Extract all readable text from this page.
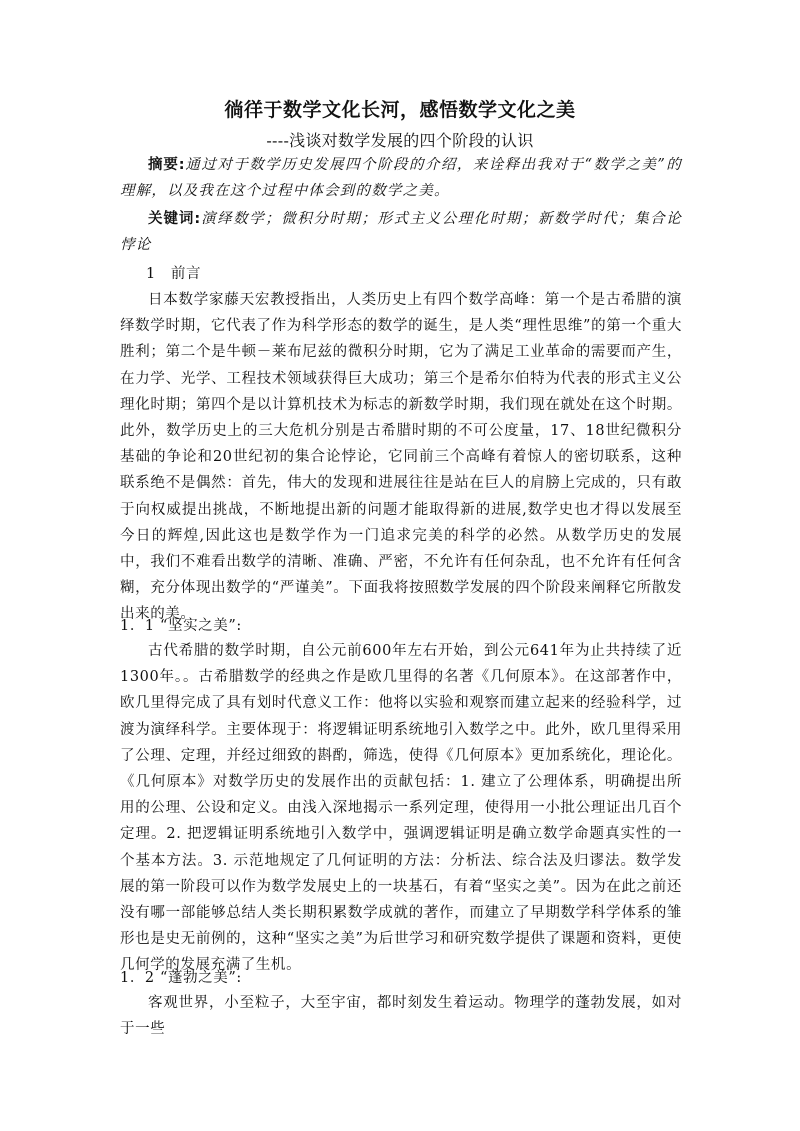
徜徉于数学文化长河，感悟数学文化之美
----浅谈对数学发展的四个阶段的认识
摘要:通过对于数学历史发展四个阶段的介绍，来诠释出我对于“数学之美”的理解，以及我在这个过程中体会到的数学之美。
关键词:演绎数学；微积分时期；形式主义公理化时期；新数学时代；集合论悖论
1　前言

日本数学家藤天宏教授指出，人类历史上有四个数学高峰：第一个是古希腊的演绎数学时期，它代表了作为科学形态的数学的诞生，是人类“理性思维”的第一个重大胜利；第二个是牛顿－莱布尼兹的微积分时期，它为了满足工业革命的需要而产生，在力学、光学、工程技术领域获得巨大成功；第三个是希尔伯特为代表的形式主义公理化时期；第四个是以计算机技术为标志的新数学时期，我们现在就处在这个时期。此外，数学历史上的三大危机分别是古希腊时期的不可公度量，17、18世纪微积分基础的争论和20世纪初的集合论悖论，它同前三个高峰有着惊人的密切联系，这种联系绝不是偶然：首先，伟大的发现和进展往往是站在巨人的肩膀上完成的，只有敢于向权威提出挑战，不断地提出新的问题才能取得新的进展,数学史也才得以发展至今日的辉煌,因此这也是数学作为一门追求完美的科学的必然。从数学历史的发展中，我们不难看出数学的清晰、准确、严密，不允许有任何杂乱，也不允许有任何含糊，充分体现出数学的“严谨美”。下面我将按照数学发展的四个阶段来阐释它所散发出来的美。

1．1 “坚实之美”:

古代希腊的数学时期，自公元前600年左右开始，到公元641年为止共持续了近1300年。。古希腊数学的经典之作是欧几里得的名著《几何原本》。在这部著作中，欧几里得完成了具有划时代意义工作：他将以实验和观察而建立起来的经验科学，过渡为演绎科学。主要体现于：将逻辑证明系统地引入数学之中。此外，欧几里得采用了公理、定理，并经过细致的斟酌，筛选，使得《几何原本》更加系统化，理论化。《几何原本》对数学历史的发展作出的贡献包括：1. 建立了公理体系，明确提出所用的公理、公设和定义。由浅入深地揭示一系列定理，使得用一小批公理证出几百个定理。2. 把逻辑证明系统地引入数学中，强调逻辑证明是确立数学命题真实性的一个基本方法。3. 示范地规定了几何证明的方法：分析法、综合法及归谬法。数学发展的第一阶段可以作为数学发展史上的一块基石，有着“坚实之美”。因为在此之前还没有哪一部能够总结人类长期积累数学成就的著作，而建立了早期数学科学体系的雏形也是史无前例的，这种“坚实之美”为后世学习和研究数学提供了课题和资料，更使几何学的发展充满了生机。

1．2 “蓬勃之美”:

客观世界，小至粒子，大至宇宙，都时刻发生着运动。物理学的蓬勃发展，如对于一些
